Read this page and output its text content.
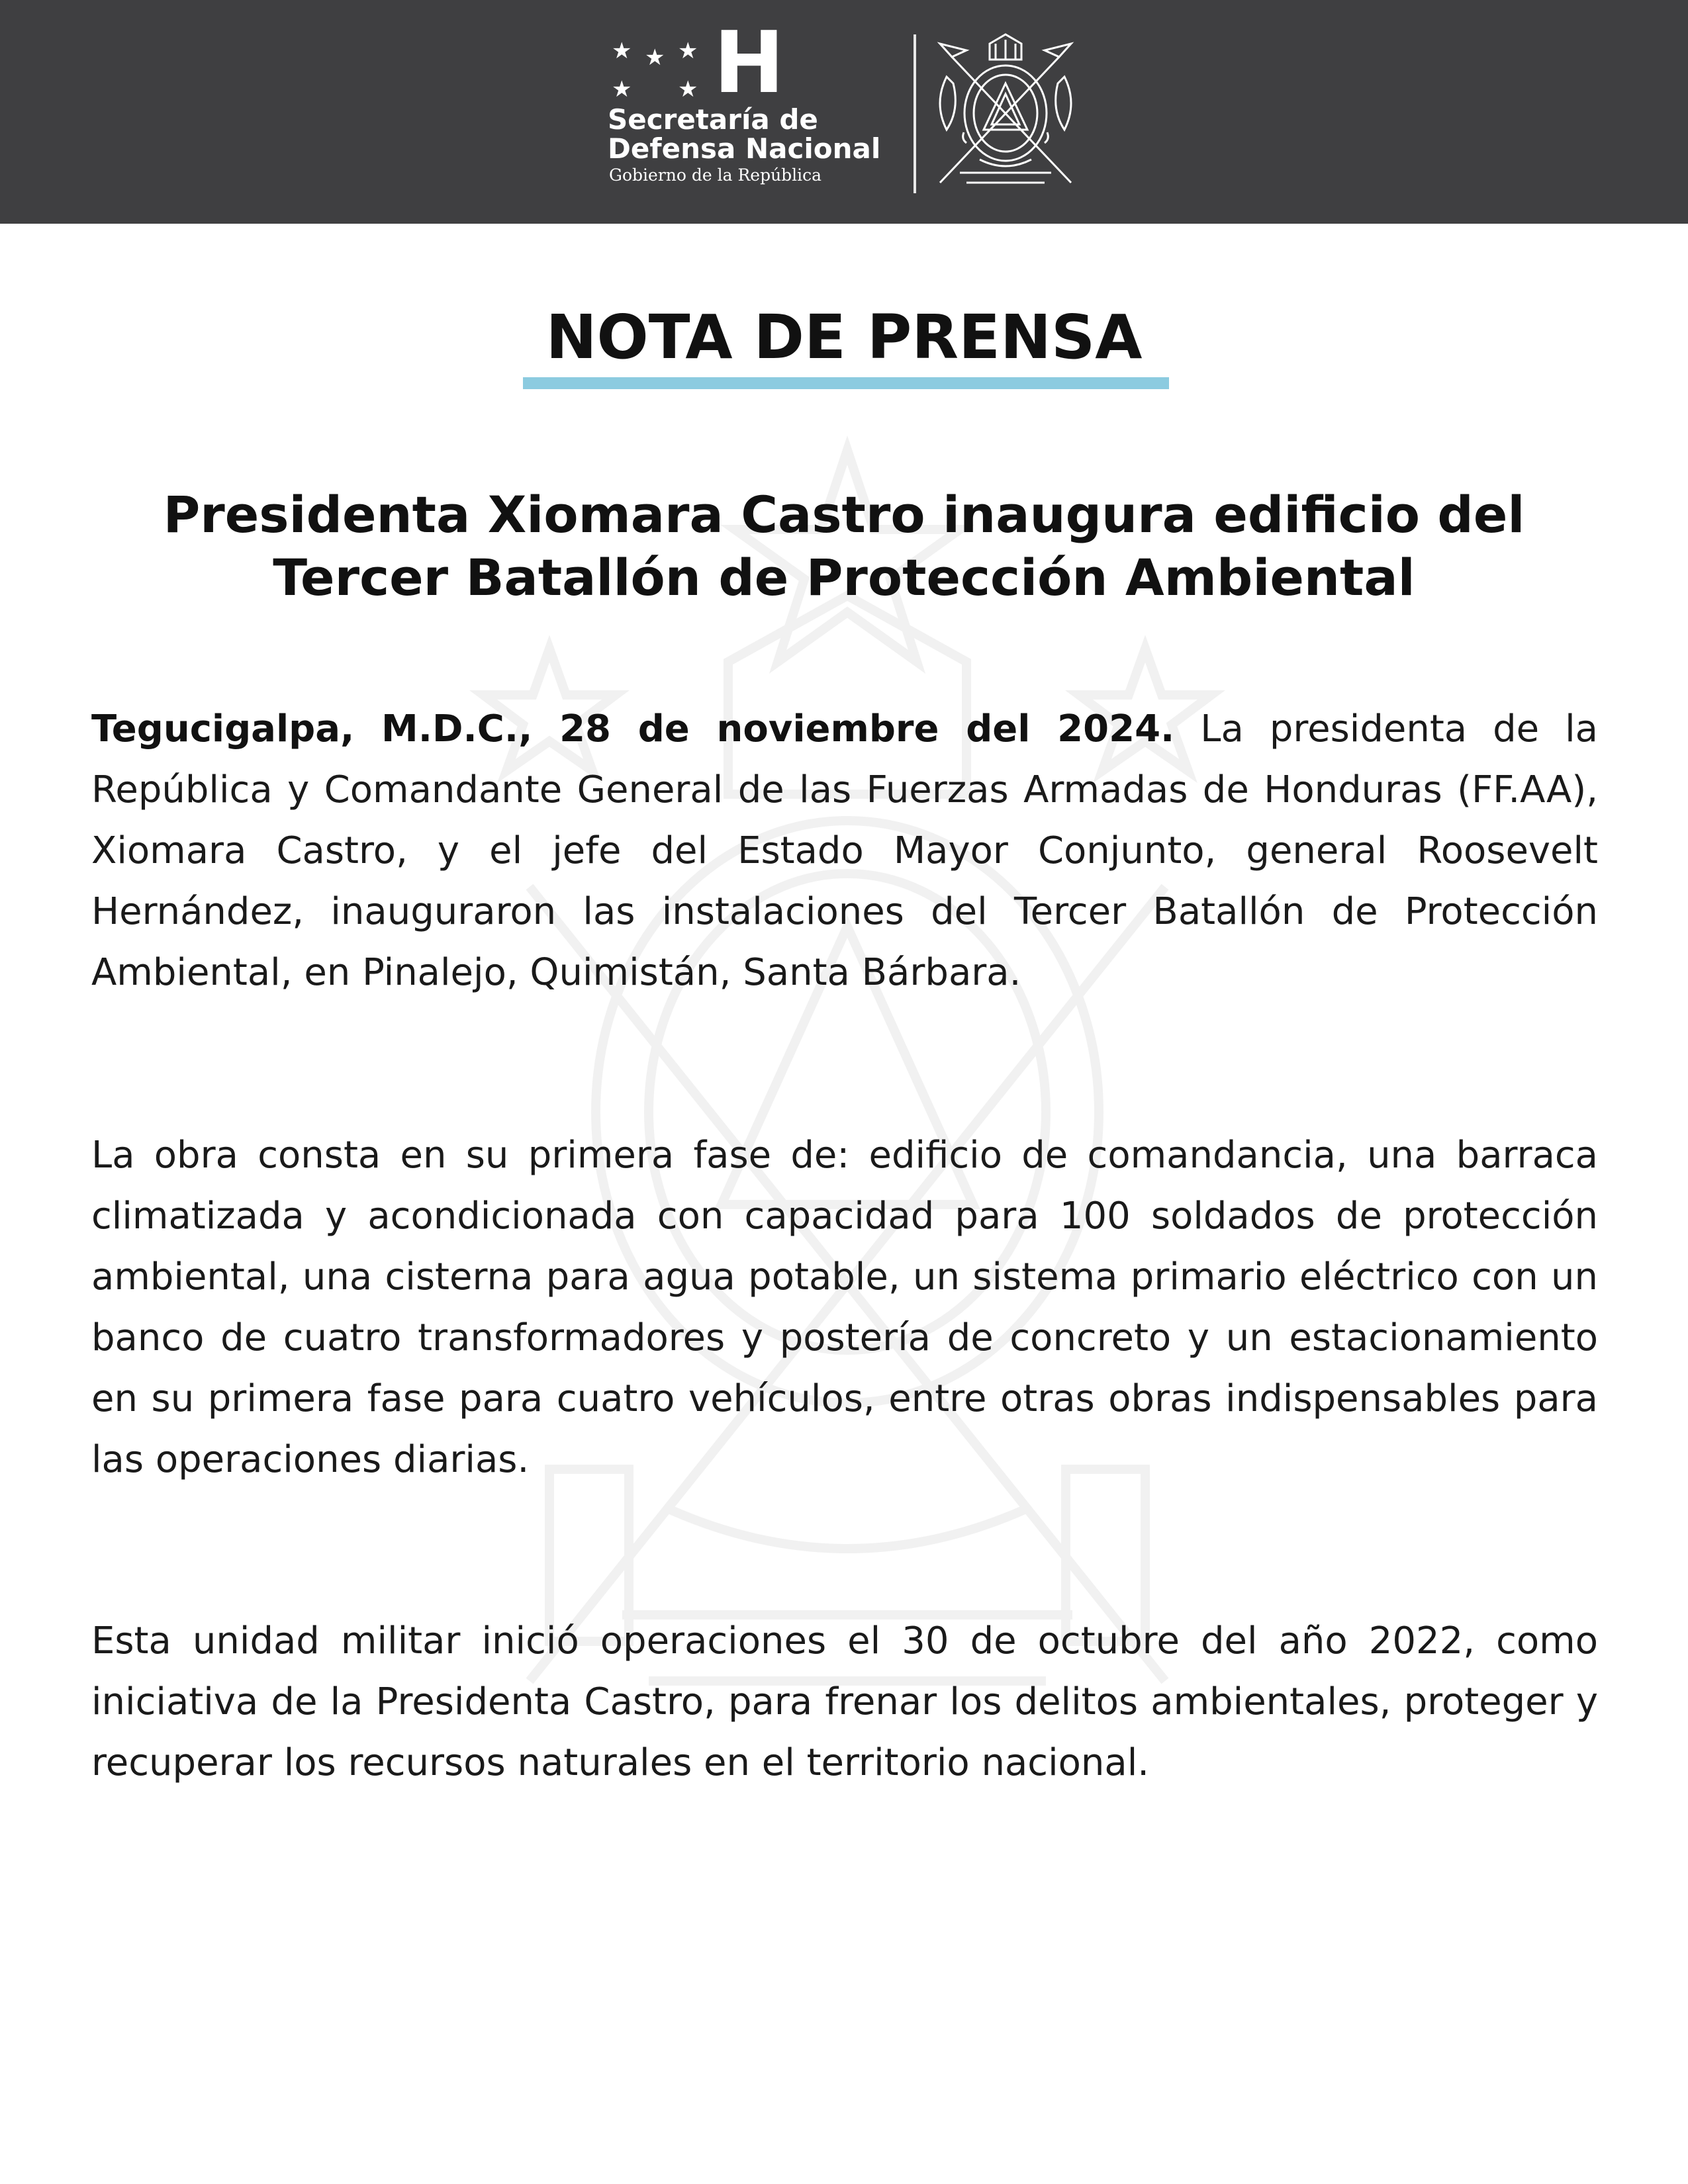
★ ★ ★
★ ★ H
Secretaría de
Defensa Nacional
Gobierno de la República
NOTA DE PRENSA
Presidenta Xiomara Castro inaugura edificio del Tercer Batallón de Protección Ambiental
Tegucigalpa, M.D.C., 28 de noviembre del 2024. La presidenta de la República y Comandante General de las Fuerzas Armadas de Honduras (FF.AA), Xiomara Castro, y el jefe del Estado Mayor Conjunto, general Roosevelt Hernández, inauguraron las instalaciones del Tercer Batallón de Protección Ambiental, en Pinalejo, Quimistán, Santa Bárbara.
La obra consta en su primera fase de: edificio de comandancia, una barraca climatizada y acondicionada con capacidad para 100 soldados de protección ambiental, una cisterna para agua potable, un sistema primario eléctrico con un banco de cuatro transformadores y postería de concreto y un estacionamiento en su primera fase para cuatro vehículos, entre otras obras indispensables para las operaciones diarias.
Esta unidad militar inició operaciones el 30 de octubre del año 2022, como iniciativa de la Presidenta Castro, para frenar los delitos ambientales, proteger y recuperar los recursos naturales en el territorio nacional.
